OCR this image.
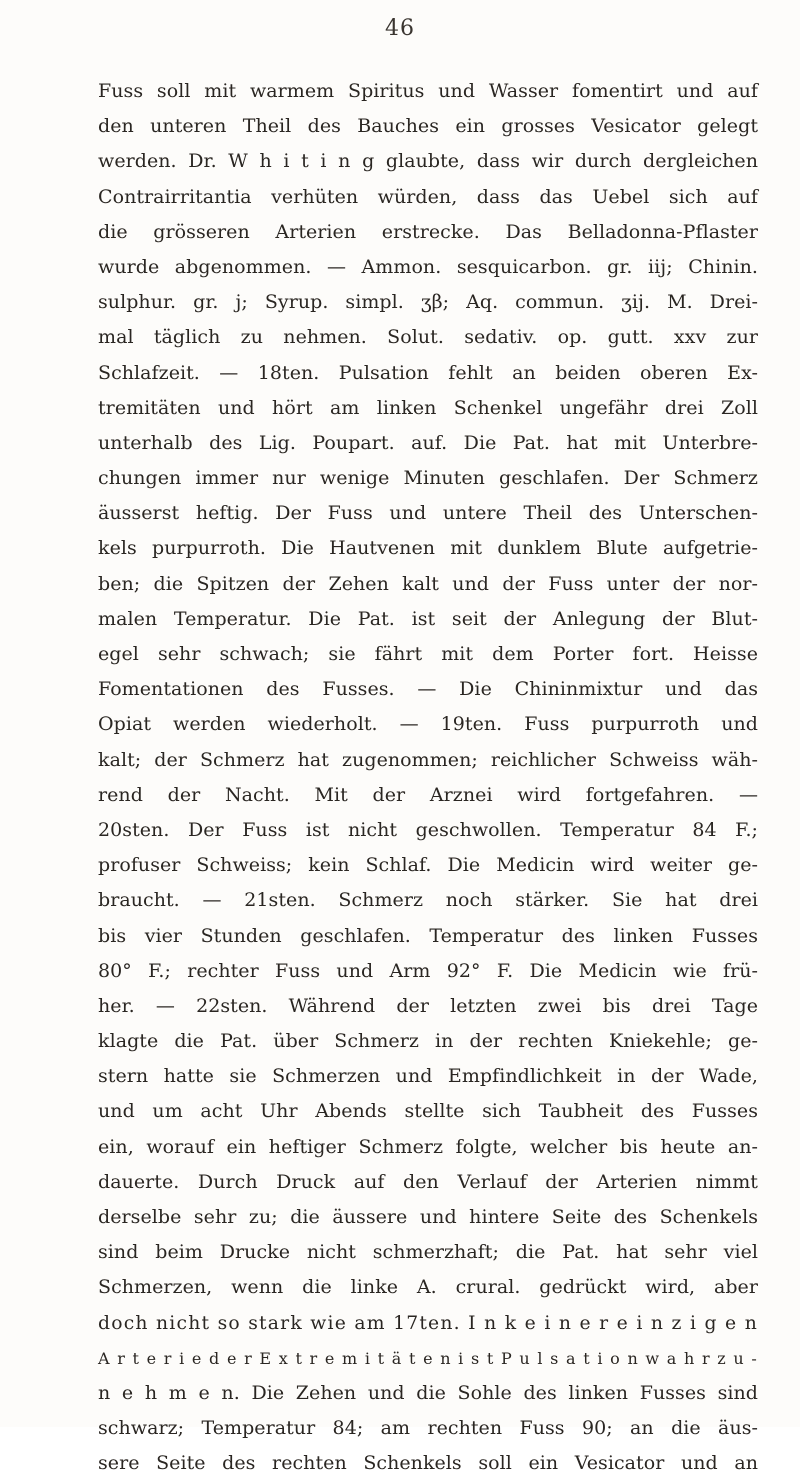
46
Fuss soll mit warmem Spiritus und Wasser fomentirt und auf
den unteren Theil des Bauches ein grosses Vesicator gelegt
werden. Dr. W h i t i n g glaubte, dass wir durch dergleichen
Contrairritantia verhüten würden, dass das Uebel sich auf
die grösseren Arterien erstrecke. Das Belladonna-Pflaster
wurde abgenommen. — Ammon. sesquicarbon. gr. iij; Chinin.
sulphur. gr. j; Syrup. simpl. ʒβ; Aq. commun. ʒij. M. Drei-
mal täglich zu nehmen. Solut. sedativ. op. gutt. xxv zur
Schlafzeit. — 18ten. Pulsation fehlt an beiden oberen Ex-
tremitäten und hört am linken Schenkel ungefähr drei Zoll
unterhalb des Lig. Poupart. auf. Die Pat. hat mit Unterbre-
chungen immer nur wenige Minuten geschlafen. Der Schmerz
äusserst heftig. Der Fuss und untere Theil des Unterschen-
kels purpurroth. Die Hautvenen mit dunklem Blute aufgetrie-
ben; die Spitzen der Zehen kalt und der Fuss unter der nor-
malen Temperatur. Die Pat. ist seit der Anlegung der Blut-
egel sehr schwach; sie fährt mit dem Porter fort. Heisse
Fomentationen des Fusses. — Die Chininmixtur und das
Opiat werden wiederholt. — 19ten. Fuss purpurroth und
kalt; der Schmerz hat zugenommen; reichlicher Schweiss wäh-
rend der Nacht. Mit der Arznei wird fortgefahren. —
20sten. Der Fuss ist nicht geschwollen. Temperatur 84 F.;
profuser Schweiss; kein Schlaf. Die Medicin wird weiter ge-
braucht. — 21sten. Schmerz noch stärker. Sie hat drei
bis vier Stunden geschlafen. Temperatur des linken Fusses
80° F.; rechter Fuss und Arm 92° F. Die Medicin wie frü-
her. — 22sten. Während der letzten zwei bis drei Tage
klagte die Pat. über Schmerz in der rechten Kniekehle; ge-
stern hatte sie Schmerzen und Empfindlichkeit in der Wade,
und um acht Uhr Abends stellte sich Taubheit des Fusses
ein, worauf ein heftiger Schmerz folgte, welcher bis heute an-
dauerte. Durch Druck auf den Verlauf der Arterien nimmt
derselbe sehr zu; die äussere und hintere Seite des Schenkels
sind beim Drucke nicht schmerzhaft; die Pat. hat sehr viel
Schmerzen, wenn die linke A. crural. gedrückt wird, aber
doch nicht so stark wie am 17ten. I n k e i n e r e i n z i g e n
A r t e r i e d e r E x t r e m i t ä t e n i s t P u l s a t i o n w a h r z u -
n e h m e n. Die Zehen und die Sohle des linken Fusses sind
schwarz; Temperatur 84; am rechten Fuss 90; an die äus-
sere Seite des rechten Schenkels soll ein Vesicator und an
